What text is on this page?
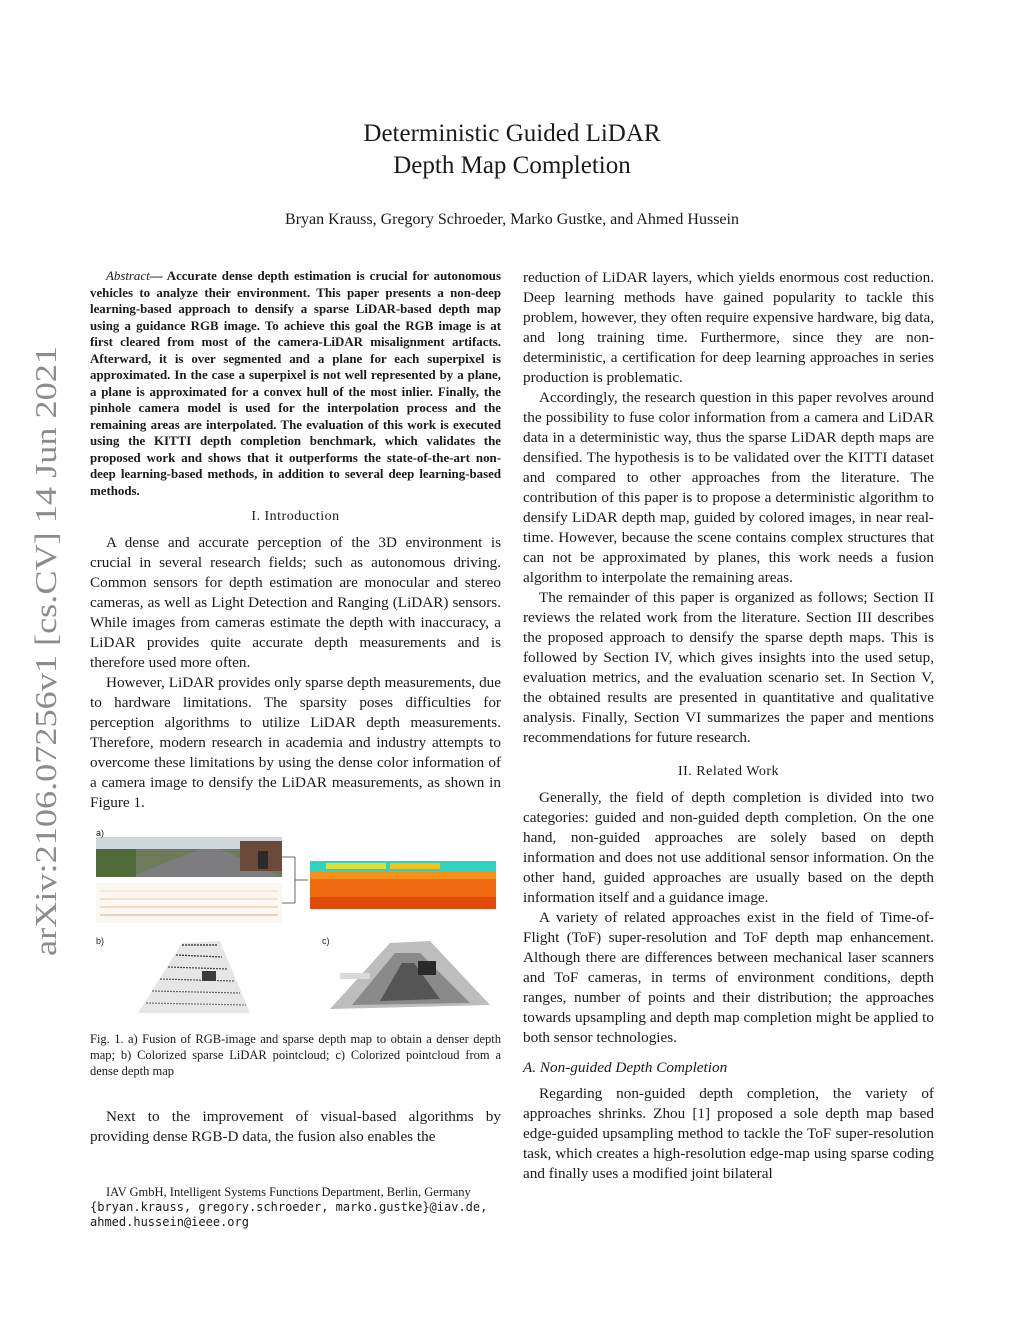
arXiv:2106.07256v1 [cs.CV] 14 Jun 2021
Deterministic Guided LiDAR
Depth Map Completion
Bryan Krauss, Gregory Schroeder, Marko Gustke, and Ahmed Hussein

Abstract— Accurate dense depth estimation is crucial for autonomous vehicles to analyze their environment. This paper presents a non-deep learning-based approach to densify a sparse LiDAR-based depth map using a guidance RGB image. To achieve this goal the RGB image is at first cleared from most of the camera-LiDAR misalignment artifacts. Afterward, it is over segmented and a plane for each superpixel is approximated. In the case a superpixel is not well represented by a plane, a plane is approximated for a convex hull of the most inlier. Finally, the pinhole camera model is used for the interpolation process and the remaining areas are interpolated. The evaluation of this work is executed using the KITTI depth completion benchmark, which validates the proposed work and shows that it outperforms the state-of-the-art non-deep learning-based methods, in addition to several deep learning-based methods.

I. Introduction

A dense and accurate perception of the 3D environment is crucial in several research fields; such as autonomous driving. Common sensors for depth estimation are monocular and stereo cameras, as well as Light Detection and Ranging (LiDAR) sensors. While images from cameras estimate the depth with inaccuracy, a LiDAR provides quite accurate depth measurements and is therefore used more often.

However, LiDAR provides only sparse depth measurements, due to hardware limitations. The sparsity poses difficulties for perception algorithms to utilize LiDAR depth measurements. Therefore, modern research in academia and industry attempts to overcome these limitations by using the dense color information of a camera image to densify the LiDAR measurements, as shown in Figure 1.

a)
b)	c)
Fig. 1. a) Fusion of RGB-image and sparse depth map to obtain a denser depth map; b) Colorized sparse LiDAR pointcloud; c) Colorized pointcloud from a dense depth map

Next to the improvement of visual-based algorithms by providing dense RGB-D data, the fusion also enables the

IAV GmbH, Intelligent Systems Functions Department, Berlin, Germany
{bryan.krauss, gregory.schroeder, marko.gustke}@iav.de, ahmed.hussein@ieee.org

reduction of LiDAR layers, which yields enormous cost reduction. Deep learning methods have gained popularity to tackle this problem, however, they often require expensive hardware, big data, and long training time. Furthermore, since they are non-deterministic, a certification for deep learning approaches in series production is problematic.

Accordingly, the research question in this paper revolves around the possibility to fuse color information from a camera and LiDAR data in a deterministic way, thus the sparse LiDAR depth maps are densified. The hypothesis is to be validated over the KITTI dataset and compared to other approaches from the literature. The contribution of this paper is to propose a deterministic algorithm to densify LiDAR depth map, guided by colored images, in near real-time. However, because the scene contains complex structures that can not be approximated by planes, this work needs a fusion algorithm to interpolate the remaining areas.

The remainder of this paper is organized as follows; Section II reviews the related work from the literature. Section III describes the proposed approach to densify the sparse depth maps. This is followed by Section IV, which gives insights into the used setup, evaluation metrics, and the evaluation scenario set. In Section V, the obtained results are presented in quantitative and qualitative analysis. Finally, Section VI summarizes the paper and mentions recommendations for future research.

II. Related Work

Generally, the field of depth completion is divided into two categories: guided and non-guided depth completion. On the one hand, non-guided approaches are solely based on depth information and does not use additional sensor information. On the other hand, guided approaches are usually based on the depth information itself and a guidance image.

A variety of related approaches exist in the field of Time-of-Flight (ToF) super-resolution and ToF depth map enhancement. Although there are differences between mechanical laser scanners and ToF cameras, in terms of environment conditions, depth ranges, number of points and their distribution; the approaches towards upsampling and depth map completion might be applied to both sensor technologies.

A. Non-guided Depth Completion

Regarding non-guided depth completion, the variety of approaches shrinks. Zhou [1] proposed a sole depth map based edge-guided upsampling method to tackle the ToF super-resolution task, which creates a high-resolution edge-map using sparse coding and finally uses a modified joint bilateral
